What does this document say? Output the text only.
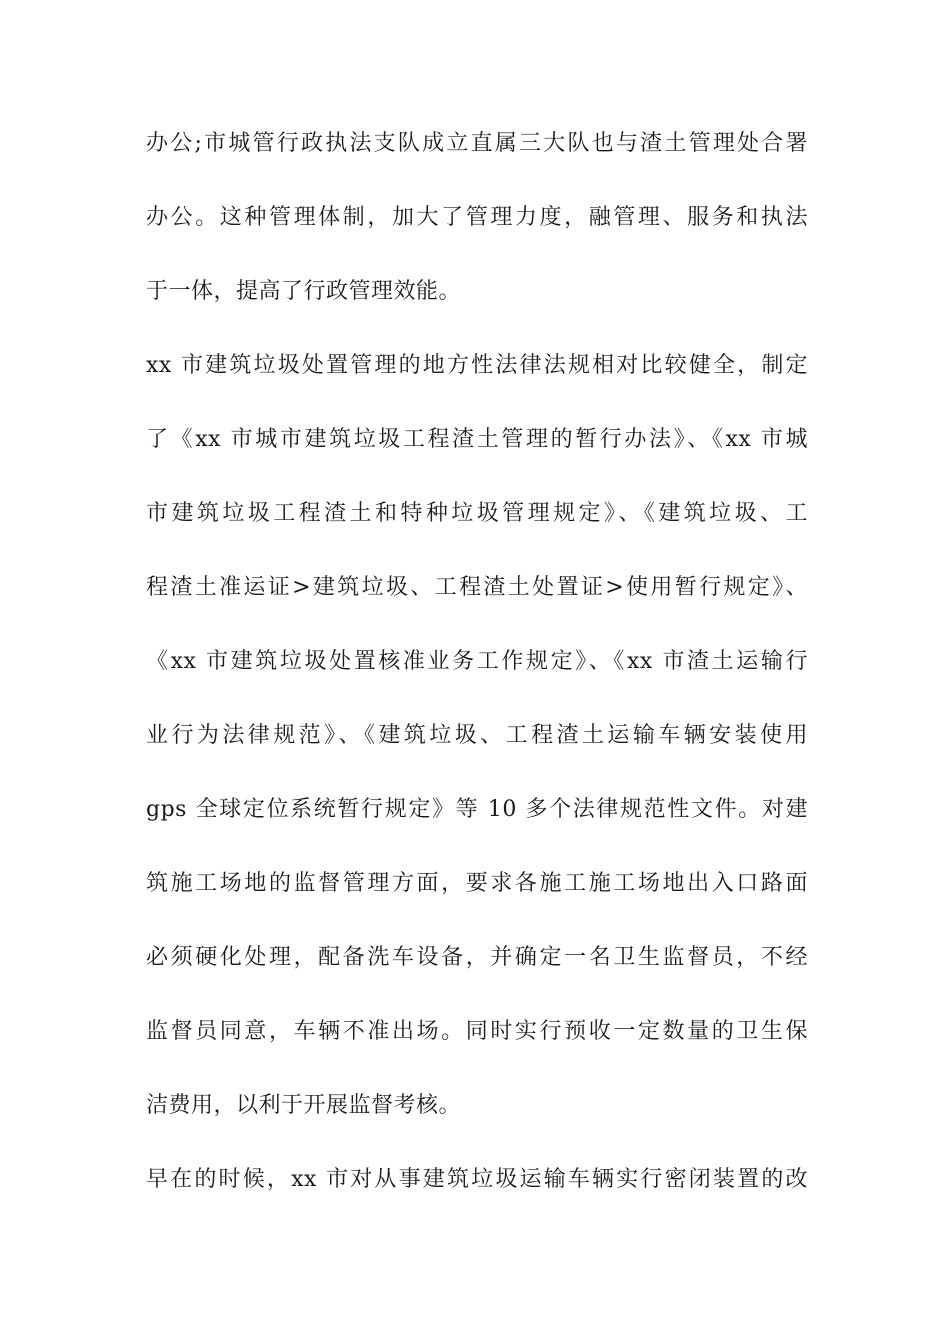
办公;市城管行政执法支队成立直属三大队也与渣土管理处合署
办公。这种管理体制，加大了管理力度，融管理、服务和执法
于一体，提高了行政管理效能。
xx 市建筑垃圾处置管理的地方性法律法规相对比较健全，制定
了《xx 市城市建筑垃圾工程渣土管理的暂行办法》、《xx 市城
市建筑垃圾工程渣土和特种垃圾管理规定》、《建筑垃圾、工
程渣土准运证>建筑垃圾、工程渣土处置证>使用暂行规定》、
《xx 市建筑垃圾处置核准业务工作规定》、《xx 市渣土运输行
业行为法律规范》、《建筑垃圾、工程渣土运输车辆安装使用
gps 全球定位系统暂行规定》等 10 多个法律规范性文件。对建
筑施工场地的监督管理方面，要求各施工施工场地出入口路面
必须硬化处理，配备洗车设备，并确定一名卫生监督员，不经
监督员同意，车辆不准出场。同时实行预收一定数量的卫生保
洁费用，以利于开展监督考核。
早在的时候，xx 市对从事建筑垃圾运输车辆实行密闭装置的改
